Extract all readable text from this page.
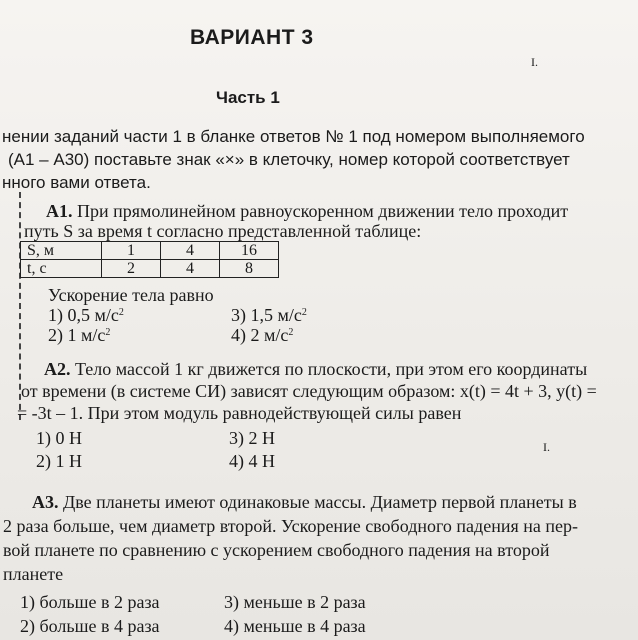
ВАРИАНТ 3
Часть 1
I.
нении заданий части 1 в бланке ответов № 1 под номером выполняемого
(А1 – А30) поставьте знак «×» в клеточку, номер которой соответствует
нного вами ответа.
А1. При прямолинейном равноускоренном движении тело проходит
путь S за время t согласно представленной таблице:
S, м	1	4	16
t, с	2	4	8
Ускорение тела равно
1) 0,5 $м/с^2$
2) 1 $м/с^2$
3) 1,5 $м/с^2$
4) 2 $м/с^2$
А2. Тело массой 1 кг движется по плоскости, при этом его координаты
от времени (в системе СИ) зависят следующим образом: x(t) = 4t + 3, y(t) =
= -3t – 1. При этом модуль равнодействующей силы равен
1) 0 Н
2) 1 Н
3) 2 Н
4) 4 Н
I.
А3. Две планеты имеют одинаковые массы. Диаметр первой планеты в
2 раза больше, чем диаметр второй. Ускорение свободного падения на пер-
вой планете по сравнению с ускорением свободного падения на второй
планете
1) больше в 2 раза
2) больше в 4 раза
3) меньше в 2 раза
4) меньше в 4 раза
